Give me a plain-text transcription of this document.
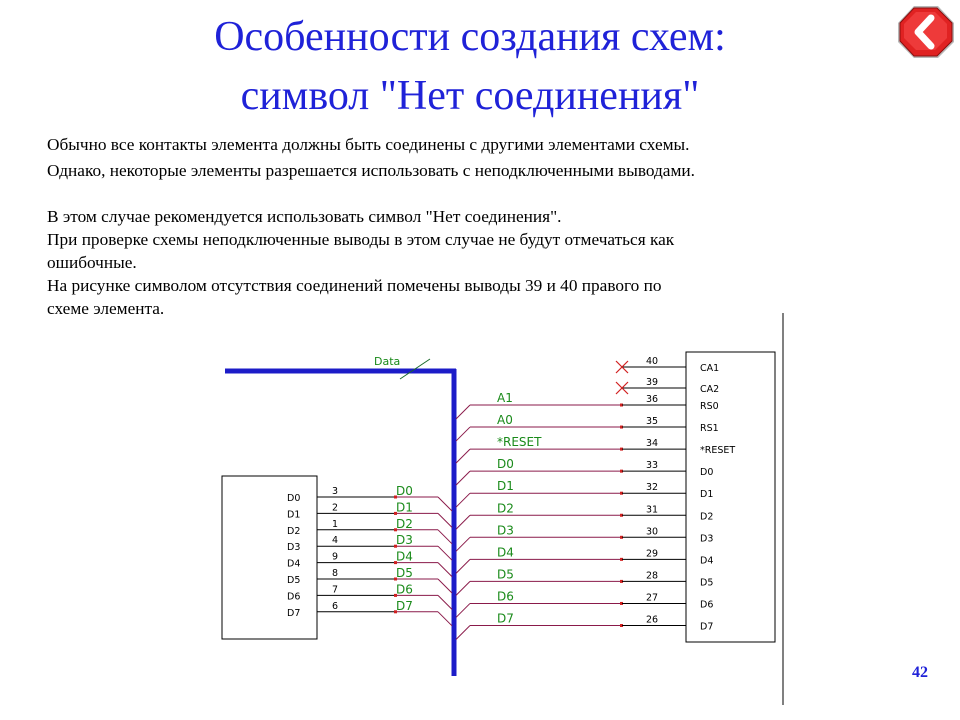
Особенности создания схем:
символ "Нет соединения"
Обычно все контакты элемента должны быть соединены с другими элементами схемы.
Однако, некоторые элементы разрешается использовать с неподключенными выводами.
В этом случае рекомендуется использовать символ "Нет соединения".
При проверке схемы неподключенные выводы в этом случае не будут отмечаться как
ошибочные.
На рисунке символом отсутствия соединений помечены выводы 39 и 40 правого по
схеме элемента.
Data
D0
3	D0
D1
2	D1
D2
1	D2
D3
4	D3
D4
9	D4
D5
8	D5
D6
7	D6
D7
6	D7
40
CA1
39
CA2
36
A1
RS0
35
A0
RS1
34
*RESET
*RESET
33
D0
D0
32
D1
D1
31
D2
D2
30
D3
D3
29
D4
D4
28
D5
D5
27
D6
D6
26
D7
D7
42
